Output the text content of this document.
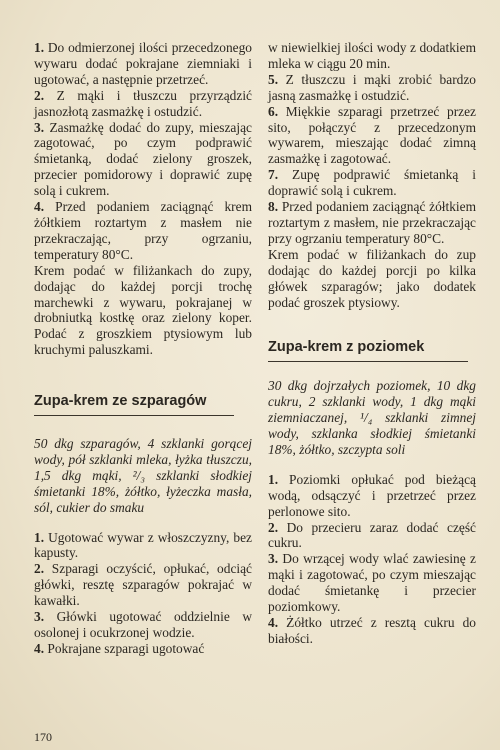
1. Do odmierzonej ilości przecedzonego wywaru dodać pokrajane ziemniaki i ugotować, a następnie przetrzeć.

2. Z mąki i tłuszczu przyrządzić jasnozłotą zasmażkę i ostudzić.

3. Zasmażkę dodać do zupy, mieszając zagotować, po czym podprawić śmietanką, dodać zielony groszek, przecier pomidorowy i doprawić zupę solą i cukrem.

4. Przed podaniem zaciągnąć krem żółtkiem roztartym z masłem nie przekraczając, przy ogrzaniu, temperatury 80°C.

Krem podać w filiżankach do zupy, dodając do każdej porcji trochę marchewki z wywaru, pokrajanej w drobniutką kostkę oraz zielony koper. Podać z groszkiem ptysiowym lub kruchymi paluszkami.

Zupa-krem ze szparagów

50 dkg szparagów, 4 szklanki gorącej wody, pół szklanki mleka, łyżka tłuszczu, 1,5 dkg mąki, ²/₃ szklanki słodkiej śmietanki 18%, żółtko, łyżeczka masła, sól, cukier do smaku

1. Ugotować wywar z włoszczyzny, bez kapusty.

2. Szparagi oczyścić, opłukać, odciąć główki, resztę szparagów pokrajać w kawałki.

3. Główki ugotować oddzielnie w osolonej i ocukrzonej wodzie.

4. Pokrajane szparagi ugotować

w niewielkiej ilości wody z dodatkiem mleka w ciągu 20 min.

5. Z tłuszczu i mąki zrobić bardzo jasną zasmażkę i ostudzić.

6. Miękkie szparagi przetrzeć przez sito, połączyć z przecedzonym wywarem, mieszając dodać zimną zasmażkę i zagotować.

7. Zupę podprawić śmietanką i doprawić solą i cukrem.

8. Przed podaniem zaciągnąć żółtkiem roztartym z masłem, nie przekraczając przy ogrzaniu temperatury 80°C.

Krem podać w filiżankach do zup dodając do każdej porcji po kilka główek szparagów; jako dodatek podać groszek ptysiowy.

Zupa-krem z poziomek

30 dkg dojrzałych poziomek, 10 dkg cukru, 2 szklanki wody, 1 dkg mąki ziemniaczanej, ¹/₄ szklanki zimnej wody, szklanka słodkiej śmietanki 18%, żółtko, szczypta soli

1. Poziomki opłukać pod bieżącą wodą, odsączyć i przetrzeć przez perlonowe sito.

2. Do przecieru zaraz dodać część cukru.

3. Do wrzącej wody wlać zawiesinę z mąki i zagotować, po czym mieszając dodać śmietankę i przecier poziomkowy.

4. Żółtko utrzeć z resztą cukru do białości.

170
